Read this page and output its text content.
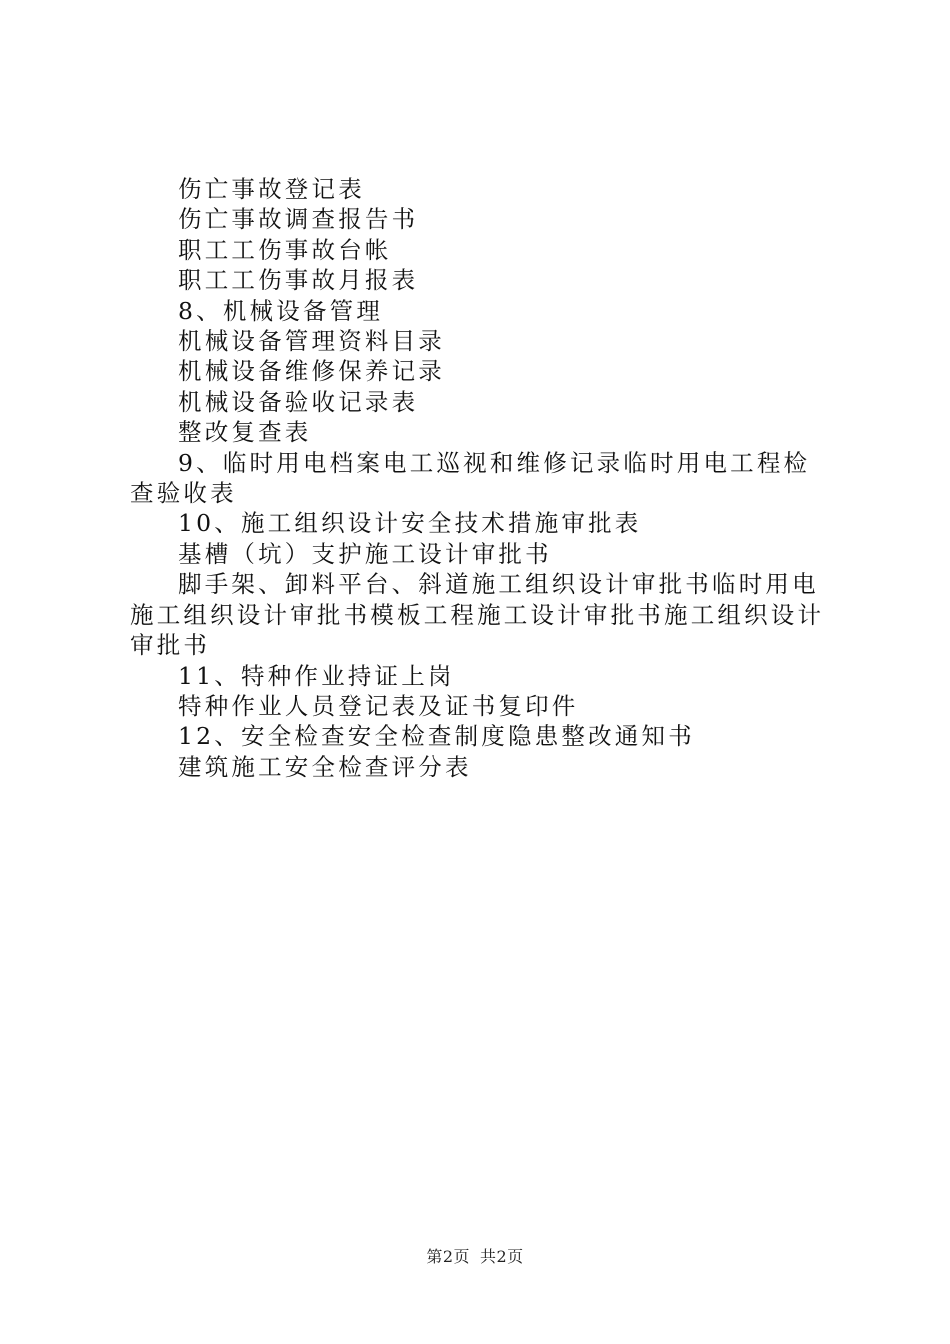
伤亡事故登记表

伤亡事故调查报告书

职工工伤事故台帐

职工工伤事故月报表

8、机械设备管理

机械设备管理资料目录

机械设备维修保养记录

机械设备验收记录表

整改复查表

9、临时用电档案电工巡视和维修记录临时用电工程检查验收表

10、施工组织设计安全技术措施审批表

基槽（坑）支护施工设计审批书

脚手架、卸料平台、斜道施工组织设计审批书临时用电施工组织设计审批书模板工程施工设计审批书施工组织设计审批书

11、特种作业持证上岗

特种作业人员登记表及证书复印件

12、安全检查安全检查制度隐患整改通知书

建筑施工安全检查评分表

第2页 共2页
